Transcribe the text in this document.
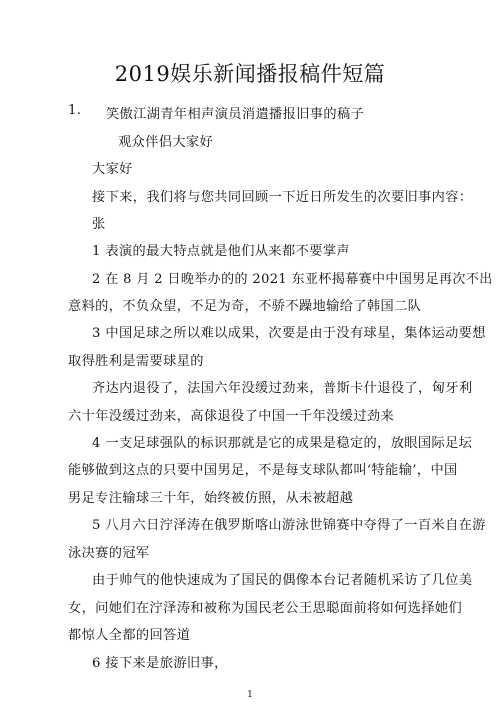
2019娱乐新闻播报稿件短篇
1. 笑傲江湖青年相声演员消遣播报旧事的稿子
观众伴侣大家好
大家好
接下来，我们将与您共同回顾一下近日所发生的次要旧事内容：
张
1 表演的最大特点就是他们从来都不要掌声
2 在 8 月 2 日晚举办的的 2021 东亚杯揭幕赛中中国男足再次不出
意料的，不负众望，不足为奇，不骄不躁地输给了韩国二队
3 中国足球之所以难以成果，次要是由于没有球星，集体运动要想
取得胜利是需要球星的
齐达内退役了，法国六年没缓过劲来，普斯卡什退役了，匈牙利
六十年没缓过劲来，高俅退役了中国一千年没缓过劲来
4 一支足球强队的标识那就是它的成果是稳定的，放眼国际足坛
能够做到这点的只要中国男足，不是每支球队都叫‘特能输’，中国
男足专注输球三十年，始终被仿照，从未被超越
5 八月六日泞泽涛在俄罗斯喀山游泳世锦赛中夺得了一百米自在游
泳决赛的冠军
由于帅气的他快速成为了国民的偶像本台记者随机采访了几位美
女，问她们在泞泽涛和被称为国民老公王思聪面前将如何选择她们
都惊人全都的回答道
6 接下来是旅游旧事，
1
